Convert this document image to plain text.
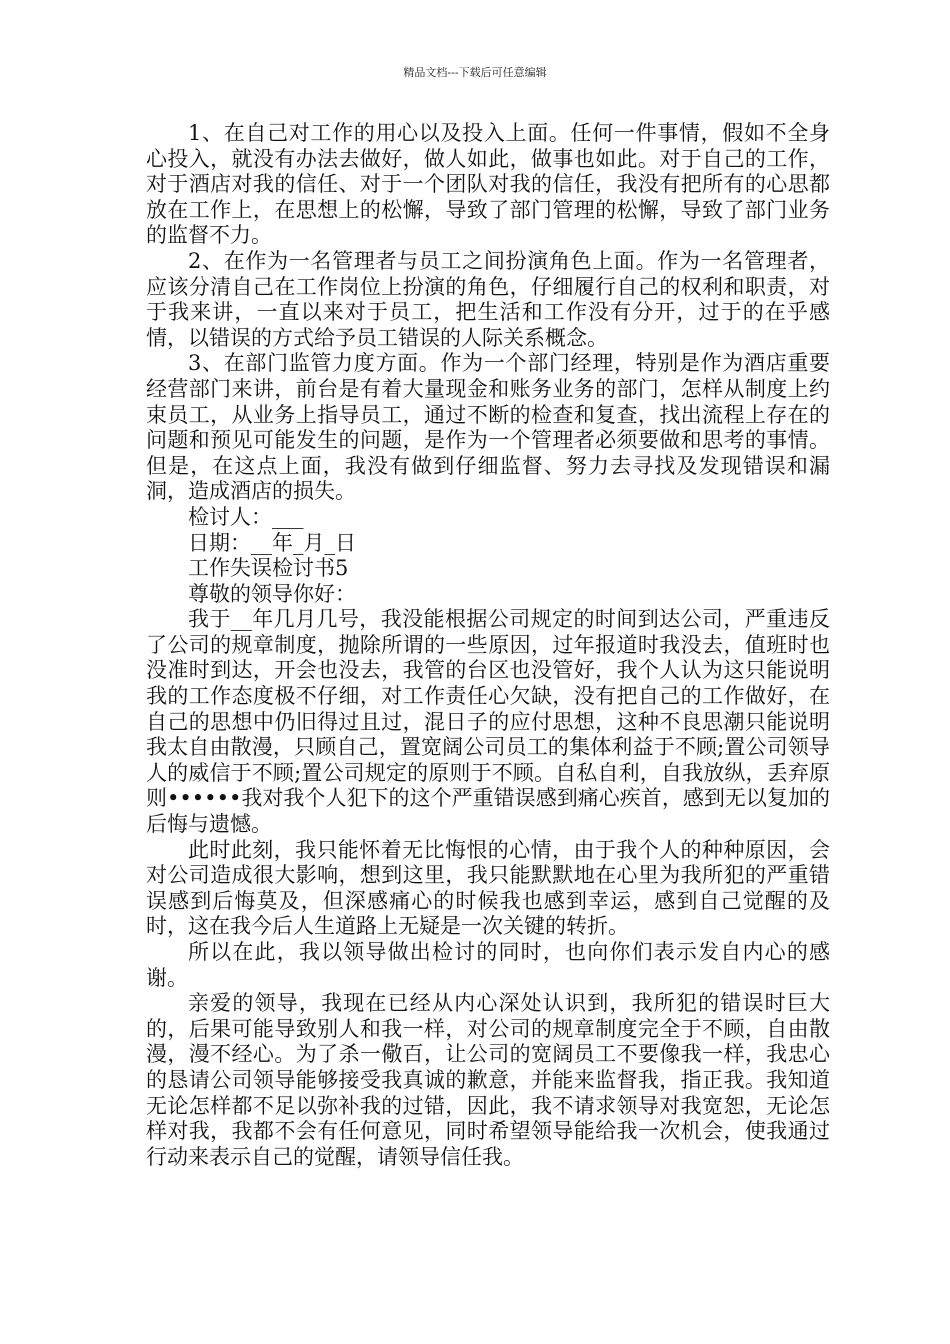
精品文档---下载后可任意编辑

1、在自己对工作的用心以及投入上面。任何一件事情，假如不全身心投入，就没有办法去做好，做人如此，做事也如此。对于自己的工作，对于酒店对我的信任、对于一个团队对我的信任，我没有把所有的心思都放在工作上，在思想上的松懈，导致了部门管理的松懈，导致了部门业务的监督不力。

2、在作为一名管理者与员工之间扮演角色上面。作为一名管理者，应该分清自己在工作岗位上扮演的角色，仔细履行自己的权利和职责，对于我来讲，一直以来对于员工，把生活和工作没有分开，过于的在乎感情，以错误的方式给予员工错误的人际关系概念。

3、在部门监管力度方面。作为一个部门经理，特别是作为酒店重要经营部门来讲，前台是有着大量现金和账务业务的部门，怎样从制度上约束员工，从业务上指导员工，通过不断的检查和复查，找出流程上存在的问题和预见可能发生的问题，是作为一个管理者必须要做和思考的事情。但是，在这点上面，我没有做到仔细监督、努力去寻找及发现错误和漏洞，造成酒店的损失。

检讨人：___

日期：__年_月_日

工作失误检讨书5

尊敬的领导你好：

我于__年几月几号，我没能根据公司规定的时间到达公司，严重违反了公司的规章制度，抛除所谓的一些原因，过年报道时我没去，值班时也没准时到达，开会也没去，我管的台区也没管好，我个人认为这只能说明我的工作态度极不仔细，对工作责任心欠缺，没有把自己的工作做好，在自己的思想中仍旧得过且过，混日子的应付思想，这种不良思潮只能说明我太自由散漫，只顾自己，置宽阔公司员工的集体利益于不顾;置公司领导人的威信于不顾;置公司规定的原则于不顾。自私自利，自我放纵，丢弃原则••••••我对我个人犯下的这个严重错误感到痛心疾首，感到无以复加的后悔与遗憾。

此时此刻，我只能怀着无比悔恨的心情，由于我个人的种种原因，会对公司造成很大影响，想到这里，我只能默默地在心里为我所犯的严重错误感到后悔莫及，但深感痛心的时候我也感到幸运，感到自己觉醒的及时，这在我今后人生道路上无疑是一次关键的转折。

所以在此，我以领导做出检讨的同时，也向你们表示发自内心的感谢。

亲爱的领导，我现在已经从内心深处认识到，我所犯的错误时巨大的，后果可能导致别人和我一样，对公司的规章制度完全于不顾，自由散漫，漫不经心。为了杀一儆百，让公司的宽阔员工不要像我一样，我忠心的恳请公司领导能够接受我真诚的歉意，并能来监督我，指正我。我知道无论怎样都不足以弥补我的过错，因此，我不请求领导对我宽恕，无论怎样对我，我都不会有任何意见，同时希望领导能给我一次机会，使我通过行动来表示自己的觉醒，请领导信任我。
